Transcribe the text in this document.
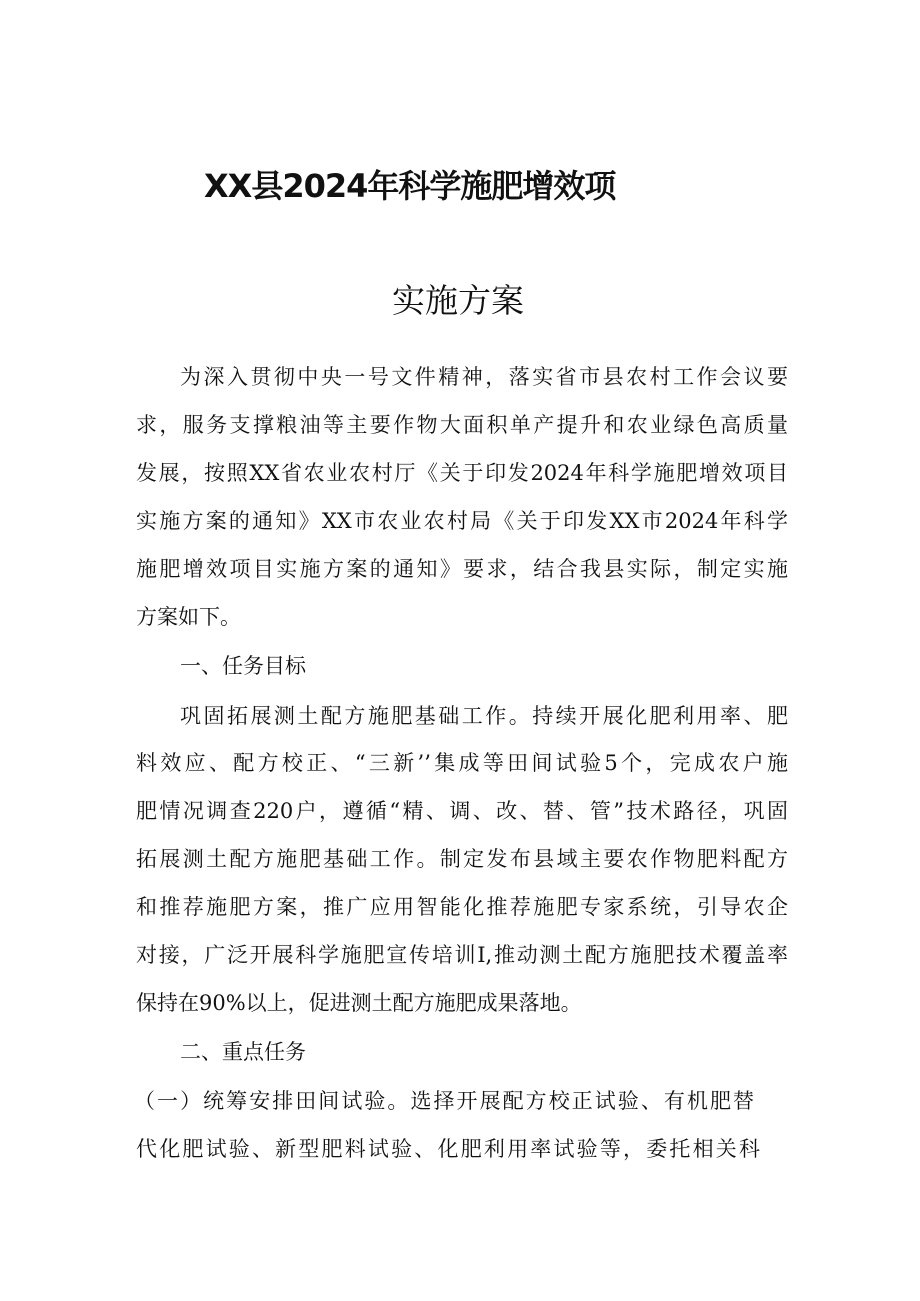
XX县2024年科学施肥增效项
实施方案

为深入贯彻中央一号文件精神，落实省市县农村工作会议要

求，服务支撑粮油等主要作物大面积单产提升和农业绿色高质量

发展，按照XX省农业农村厅《关于印发2024年科学施肥增效项目

实施方案的通知》XX市农业农村局《关于印发XX市2024年科学

施肥增效项目实施方案的通知》要求，结合我县实际，制定实施

方案如下。

一、任务目标

巩固拓展测土配方施肥基础工作。持续开展化肥利用率、肥

料效应、配方校正、“三新’’集成等田间试验5个，完成农户施

肥情况调查220户，遵循“精、调、改、替、管”技术路径，巩固

拓展测土配方施肥基础工作。制定发布县域主要农作物肥料配方

和推荐施肥方案，推广应用智能化推荐施肥专家系统，引导农企

对接，广泛开展科学施肥宣传培训I,推动测土配方施肥技术覆盖率

保持在90%以上，促进测土配方施肥成果落地。

二、重点任务

（一）统筹安排田间试验。选择开展配方校正试验、有机肥替

代化肥试验、新型肥料试验、化肥利用率试验等，委托相关科
